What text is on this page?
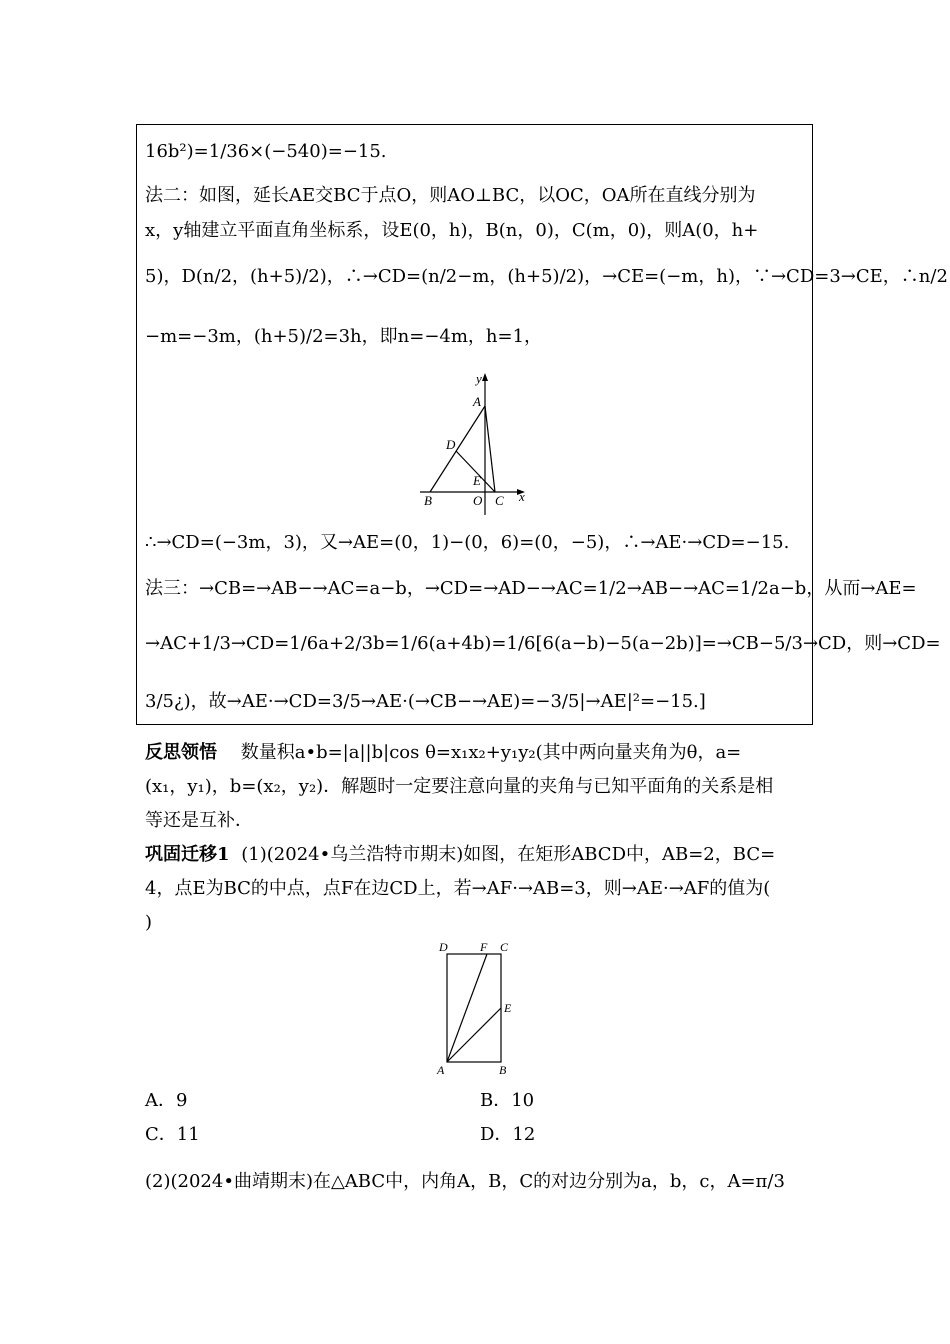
16b²)=1/36×(−540)=−15.
法二：如图，延长AE交BC于点O，则AO⊥BC，以OC，OA所在直线分别为
x，y轴建立平面直角坐标系，设E(0，h)，B(n，0)，C(m，0)，则A(0，h+
5)，D(n/2，(h+5)/2)，∴→CD=(n/2−m，(h+5)/2)，→CE=(−m，h)，∵→CD=3→CE，∴n/2
−m=−3m，(h+5)/2=3h，即n=−4m，h=1，
y
A
D
E
B	O C x
∴→CD=(−3m，3)，又→AE=(0，1)−(0，6)=(0，−5)，∴→AE·→CD=−15.
法三：→CB=→AB−→AC=a−b，→CD=→AD−→AC=1/2→AB−→AC=1/2a−b，从而→AE=
→AC+1/3→CD=1/6a+2/3b=1/6(a+4b)=1/6[6(a−b)−5(a−2b)]=→CB−5/3→CD，则→CD=
3/5¿)，故→AE·→CD=3/5→AE·(→CB−→AE)=−3/5|→AE|²=−15.]
反思领悟 数量积a•b=|a||b|cos θ=x₁x₂+y₁y₂(其中两向量夹角为θ，a=
(x₁，y₁)，b=(x₂，y₂)．解题时一定要注意向量的夹角与已知平面角的关系是相
等还是互补．
巩固迁移1 (1)(2024•乌兰浩特市期末)如图，在矩形ABCD中，AB=2，BC=
4，点E为BC的中点，点F在边CD上，若→AF·→AB=3，则→AE·→AF的值为(
)
D	F C
E
A	B
A．9	B．10
C．11	D．12
(2)(2024•曲靖期末)在△ABC中，内角A，B，C的对边分别为a，b，c，A=π/3
